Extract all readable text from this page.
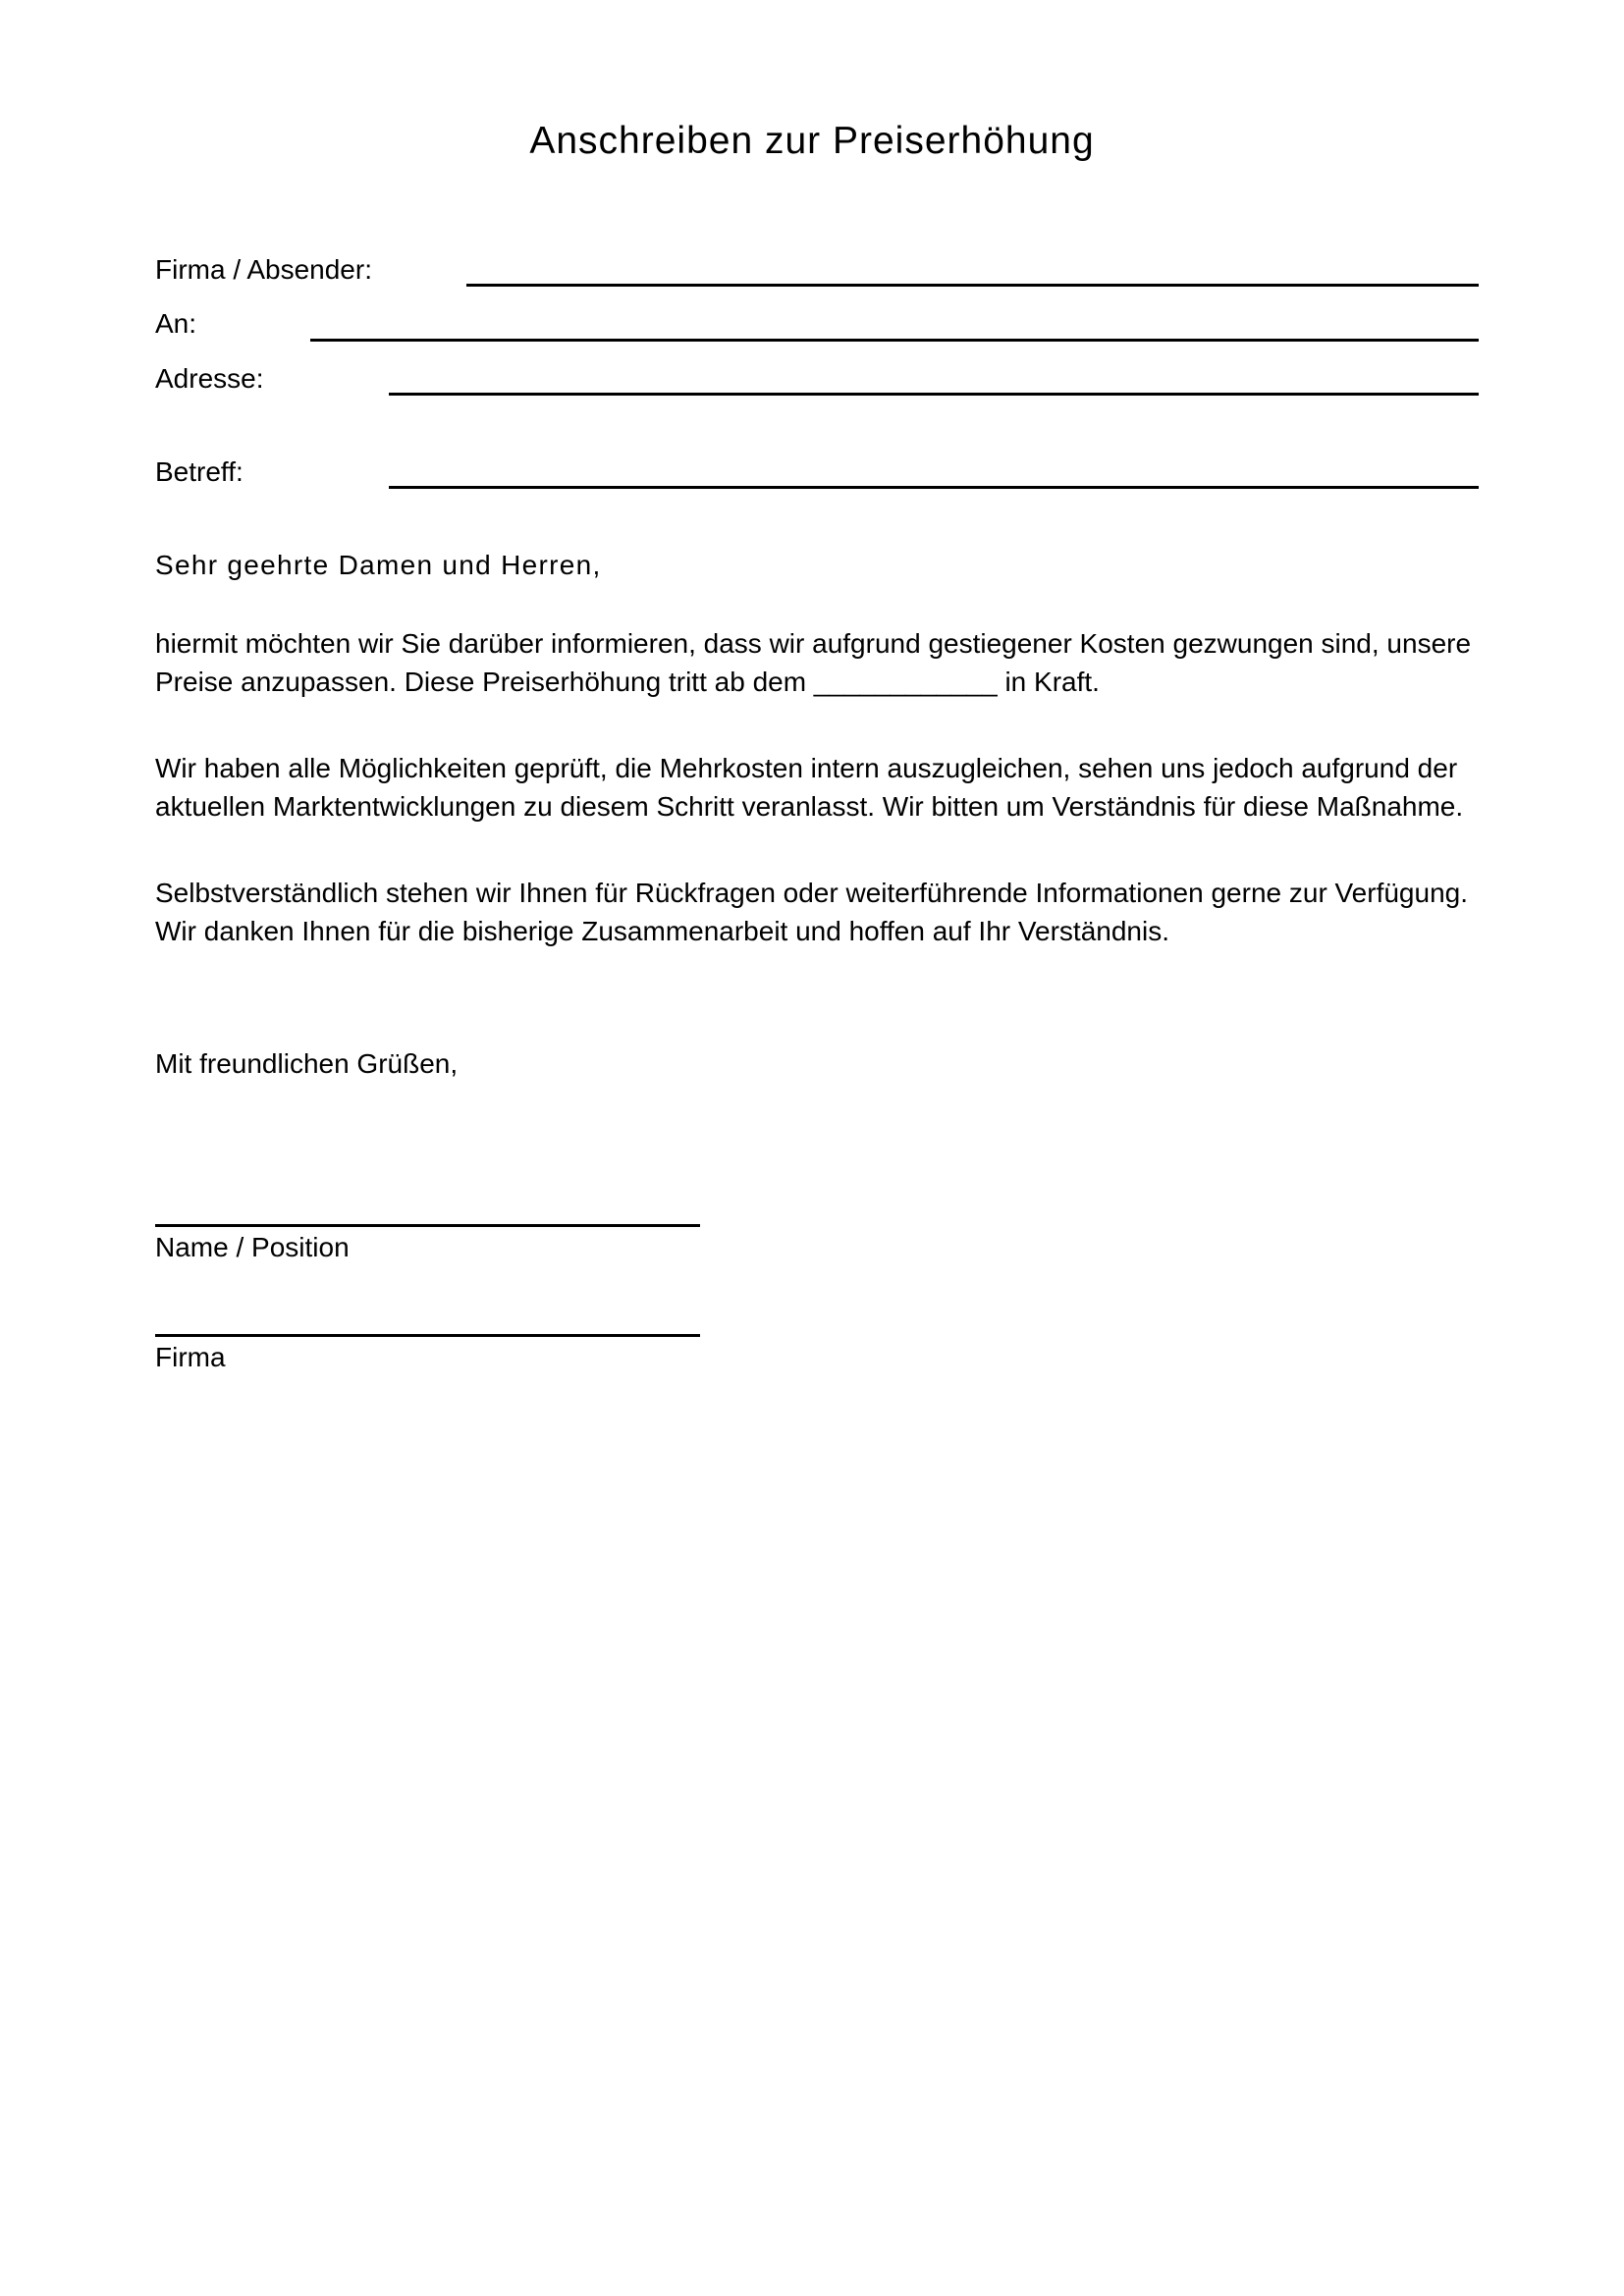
Anschreiben zur Preiserhöhung
Firma / Absender:
An:
Adresse:
Betreff:
Sehr geehrte Damen und Herren,
hiermit möchten wir Sie darüber informieren, dass wir aufgrund gestiegener Kosten gezwungen sind, unsere
Preise anzupassen. Diese Preiserhöhung tritt ab dem ____________ in Kraft.
Wir haben alle Möglichkeiten geprüft, die Mehrkosten intern auszugleichen, sehen uns jedoch aufgrund der
aktuellen Marktentwicklungen zu diesem Schritt veranlasst. Wir bitten um Verständnis für diese Maßnahme.
Selbstverständlich stehen wir Ihnen für Rückfragen oder weiterführende Informationen gerne zur Verfügung.
Wir danken Ihnen für die bisherige Zusammenarbeit und hoffen auf Ihr Verständnis.
Mit freundlichen Grüßen,
Name / Position
Firma
